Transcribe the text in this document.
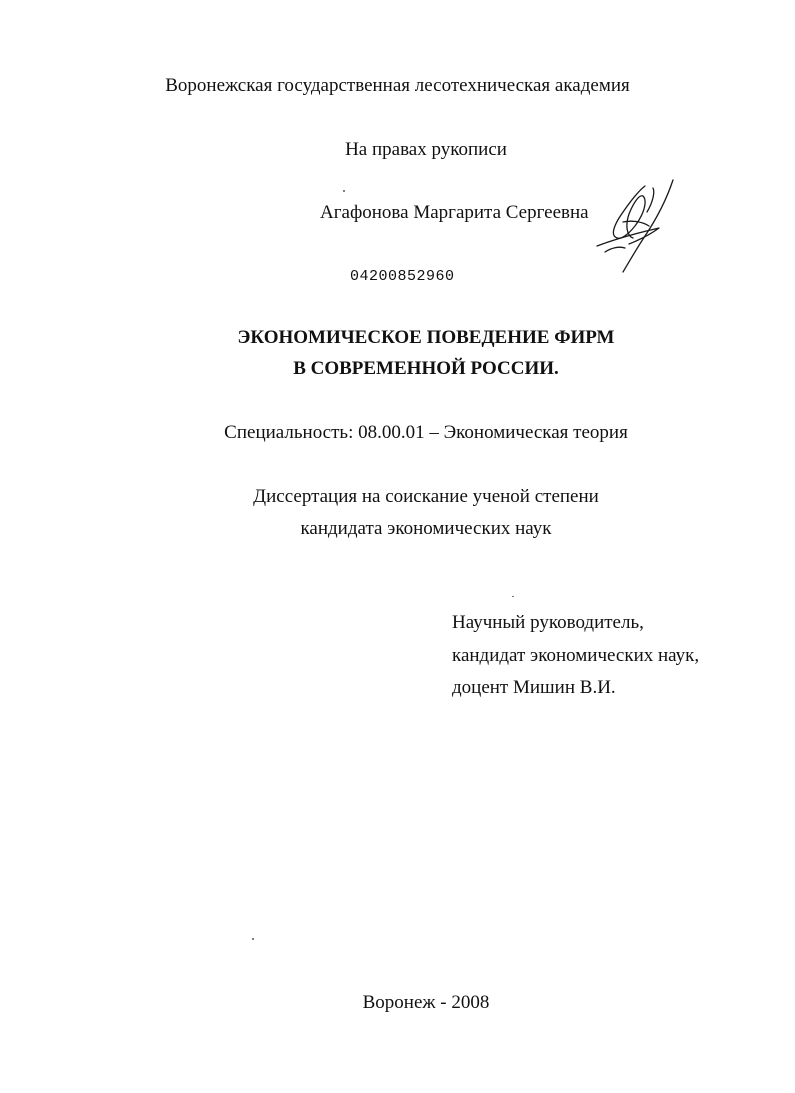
Воронежская государственная лесотехническая академия
На правах рукописи
Агафонова Маргарита Сергеевна
04200852960
ЭКОНОМИЧЕСКОЕ ПОВЕДЕНИЕ ФИРМ
В СОВРЕМЕННОЙ РОССИИ.
Специальность: 08.00.01 – Экономическая теория
Диссертация на соискание ученой степени
кандидата экономических наук
Научный руководитель,
кандидат экономических наук,
доцент Мишин В.И.
Воронеж - 2008
